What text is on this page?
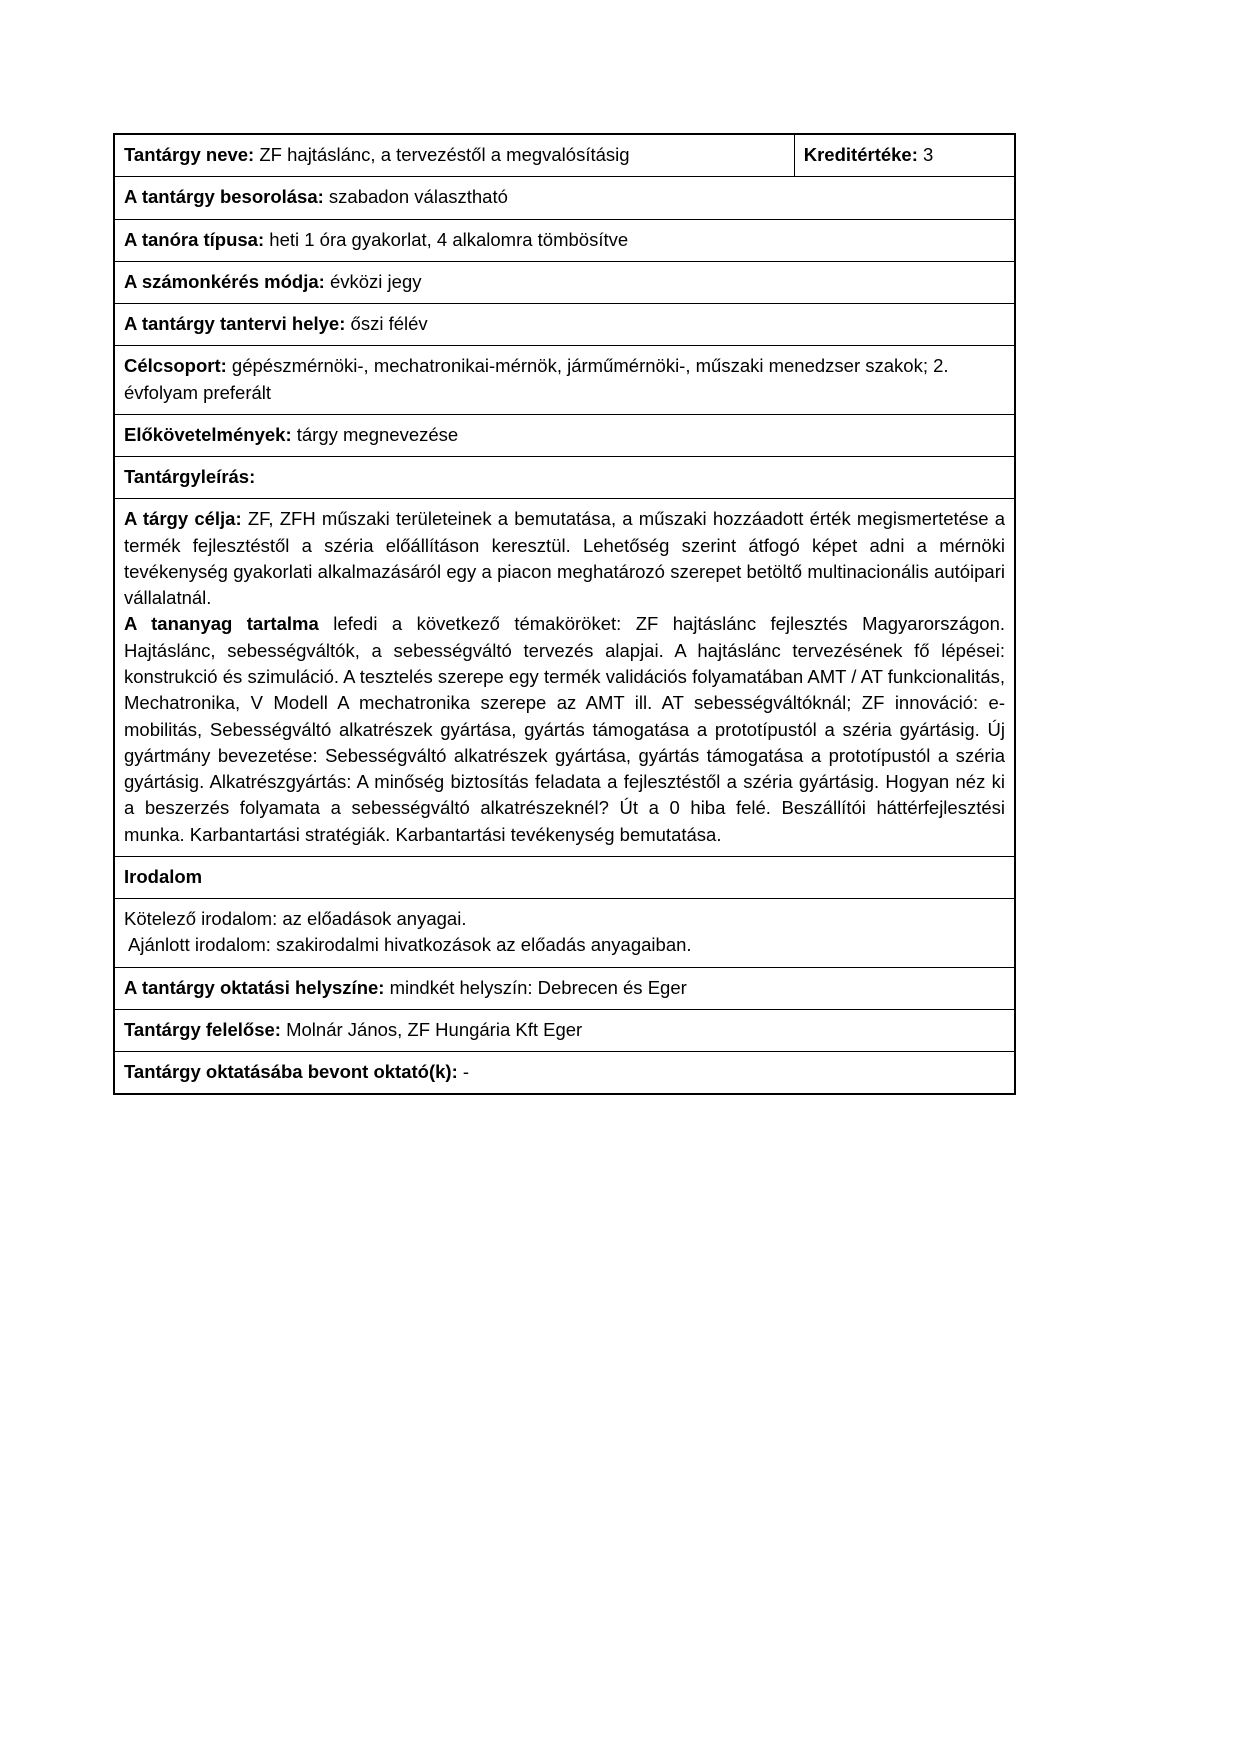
Tantárgy neve: ZF hajtáslánc, a tervezéstől a megvalósításig	Kreditértéke: 3
A tantárgy besorolása: szabadon választható
A tanóra típusa: heti 1 óra gyakorlat, 4 alkalomra tömbösítve
A számonkérés módja: évközi jegy
A tantárgy tantervi helye: őszi félév
Célcsoport: gépészmérnöki-, mechatronikai-mérnök, járműmérnöki-, műszaki menedzser szakok; 2. évfolyam preferált
Előkövetelmények: tárgy megnevezése
Tantárgyleírás:

A tárgy célja: ZF, ZFH műszaki területeinek a bemutatása, a műszaki hozzáadott érték megismertetése a termék fejlesztéstől a széria előállításon keresztül. Lehetőség szerint átfogó képet adni a mérnöki tevékenység gyakorlati alkalmazásáról egy a piacon meghatározó szerepet betöltő multinacionális autóipari vállalatnál.

A tananyag tartalma lefedi a következő témaköröket: ZF hajtáslánc fejlesztés Magyarországon. Hajtáslánc, sebességváltók, a sebességváltó tervezés alapjai. A hajtáslánc tervezésének fő lépései: konstrukció és szimuláció. A tesztelés szerepe egy termék validációs folyamatában AMT / AT funkcionalitás, Mechatronika, V Modell A mechatronika szerepe az AMT ill. AT sebességváltóknál; ZF innováció: e-mobilitás, Sebességváltó alkatrészek gyártása, gyártás támogatása a prototípustól a széria gyártásig. Új gyártmány bevezetése: Sebességváltó alkatrészek gyártása, gyártás támogatása a prototípustól a széria gyártásig. Alkatrészgyártás: A minőség biztosítás feladata a fejlesztéstől a széria gyártásig. Hogyan néz ki a beszerzés folyamata a sebességváltó alkatrészeknél? Út a 0 hiba felé. Beszállítói háttérfejlesztési munka. Karbantartási stratégiák. Karbantartási tevékenység bemutatása.

Irodalom

Kötelező irodalom: az előadások anyagai.
Ajánlott irodalom: szakirodalmi hivatkozások az előadás anyagaiban.

A tantárgy oktatási helyszíne: mindkét helyszín: Debrecen és Eger
Tantárgy felelőse: Molnár János, ZF Hungária Kft Eger
Tantárgy oktatásába bevont oktató(k): -
